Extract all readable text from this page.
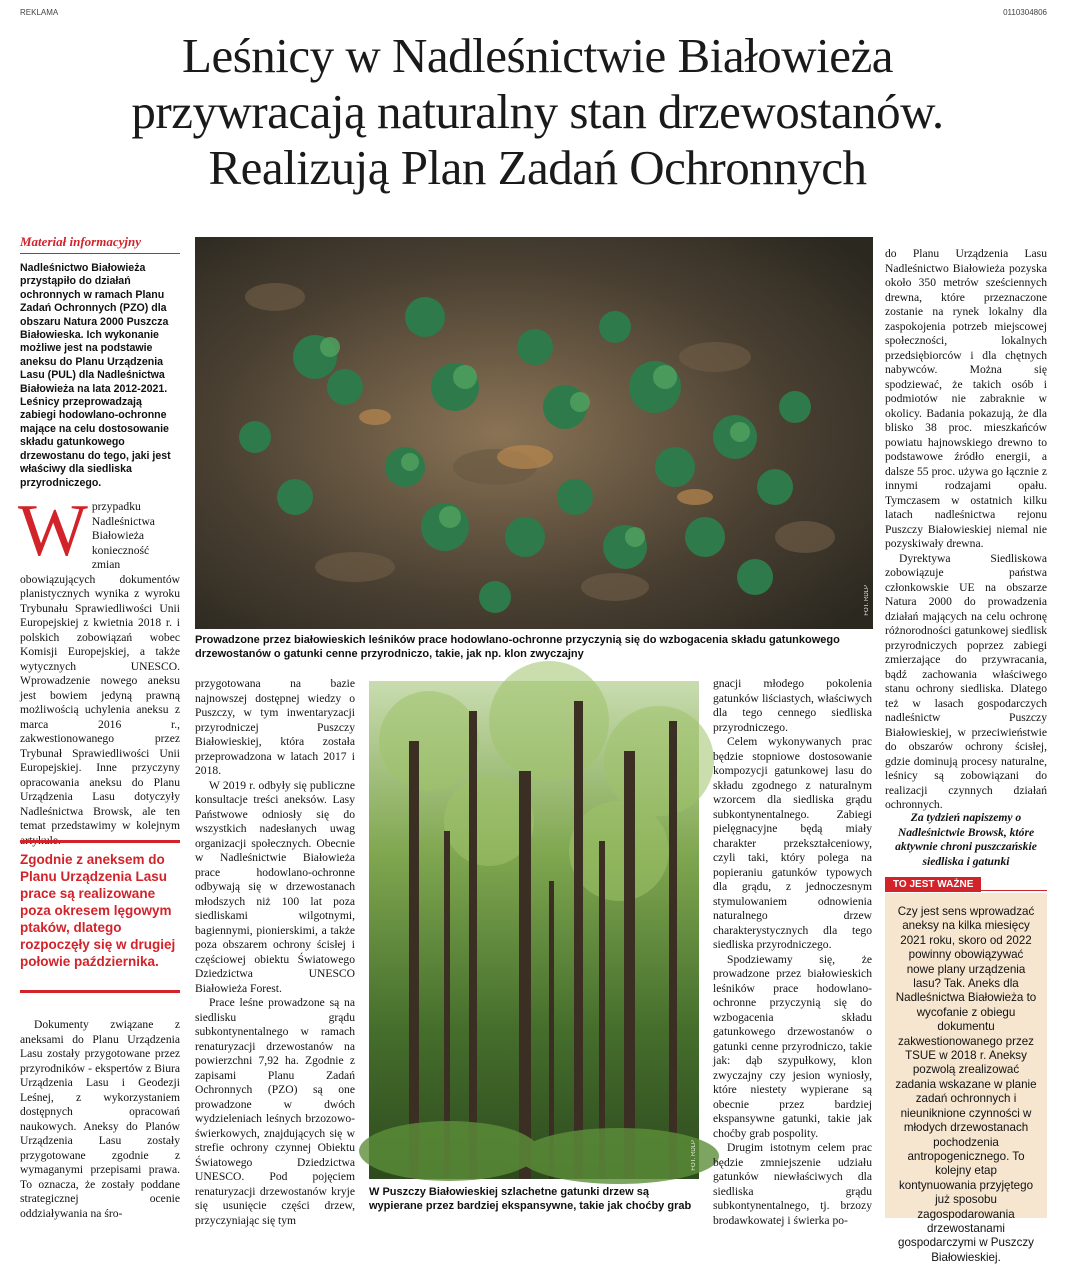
REKLAMA	0110304806
Leśnicy w Nadleśnictwie Białowieża
przywracają naturalny stan drzewostanów.
Realizują Plan Zadań Ochronnych
Materiał informacyjny
Nadleśnictwo Białowieża przystąpiło do działań ochronnych w ramach Planu Zadań Ochronnych (PZO) dla obszaru Natura 2000 Puszcza Białowieska. Ich wykonanie możliwe jest na podstawie aneksu do Planu Urządzenia Lasu (PUL) dla Nadleśnictwa Białowieża na lata 2012-2021. Leśnicy przeprowadzają zabiegi hodowlano-ochronne mające na celu dostosowanie składu gatunkowego drzewostanu do tego, jaki jest właściwy dla siedliska przyrodniczego.
W przypadku Nadleśnictwa Białowieża konieczność zmian obowiązujących dokumentów planistycznych wynika z wyroku Trybunału Sprawiedliwości Unii Europejskiej z kwietnia 2018 r. i polskich zobowiązań wobec Komisji Europejskiej, a także wytycznych UNESCO. Wprowadzenie nowego aneksu jest bowiem jedyną prawną możliwością uchylenia aneksu z marca 2016 r., zakwestionowanego przez Trybunał Sprawiedliwości Unii Europejskiej. Inne przyczyny opracowania aneksu do Planu Urządzenia Lasu dotyczyły Nadleśnictwa Browsk, ale ten temat przedstawimy w kolejnym artykule.

Zgodnie z aneksem do Planu Urządzenia Lasu prace są realizowane poza okresem lęgowym ptaków, dlatego rozpoczęły się w drugiej połowie października.

Dokumenty związane z aneksami do Planu Urządzenia Lasu zostały przygotowane przez przyrodników - ekspertów z Biura Urządzenia Lasu i Geodezji Leśnej, z wykorzystaniem dostępnych opracowań naukowych. Aneksy do Planów Urządzenia Lasu zostały przygotowane zgodnie z wymaganymi przepisami prawa. To oznacza, że zostały poddane strategicznej ocenie oddziaływania na śro-

FOT. RDLP
Prowadzone przez białowieskich leśników prace hodowlano-ochronne przyczynią się do wzbogacenia składu gatunkowego drzewostanów o gatunki cenne przyrodniczo, takie, jak np. klon zwyczajny

przygotowana na bazie najnowszej dostępnej wiedzy o Puszczy, w tym inwentaryzacji przyrodniczej Puszczy Białowieskiej, która została przeprowadzona w latach 2017 i 2018.

W 2019 r. odbyły się publiczne konsultacje treści aneksów. Lasy Państwowe odniosły się do wszystkich nadesłanych uwag organizacji społecznych. Obecnie w Nadleśnictwie Białowieża prace hodowlano-ochronne odbywają się w drzewostanach młodszych niż 100 lat poza siedliskami wilgotnymi, bagiennymi, pionierskimi, a także poza obszarem ochrony ścisłej i częściowej obiektu Światowego Dziedzictwa UNESCO Białowieża Forest.

Prace leśne prowadzone są na siedlisku grądu subkontynentalnego w ramach renaturyzacji drzewostanów na powierzchni 7,92 ha. Zgodnie z zapisami Planu Zadań Ochronnych (PZO) są one prowadzone w dwóch wydzieleniach leśnych brzozowo-świerkowych, znajdujących się w strefie ochrony czynnej Obiektu Światowego Dziedzictwa UNESCO. Pod pojęciem renaturyzacji drzewostanów kryje się usunięcie części drzew, przyczyniając się tym

FOT. RDLP
W Puszczy Białowieskiej szlachetne gatunki drzew są wypierane przez bardziej ekspansywne, takie jak choćby grab

gnacji młodego pokolenia gatunków liściastych, właściwych dla tego cennego siedliska przyrodniczego.

Celem wykonywanych prac będzie stopniowe dostosowanie kompozycji gatunkowej lasu do składu zgodnego z naturalnym wzorcem dla siedliska grądu subkontynentalnego. Zabiegi pielęgnacyjne będą miały charakter przekształceniowy, czyli taki, który polega na popieraniu gatunków typowych dla grądu, z jednoczesnym stymulowaniem odnowienia naturalnego drzew charakterystycznych dla tego siedliska przyrodniczego.

Spodziewamy się, że prowadzone przez białowieskich leśników prace hodowlano-ochronne przyczynią się do wzbogacenia składu gatunkowego drzewostanów o gatunki cenne przyrodniczo, takie jak: dąb szypułkowy, klon zwyczajny czy jesion wyniosły, które niestety wypierane są obecnie przez bardziej ekspansywne gatunki, takie jak choćby grab pospolity.

Drugim istotnym celem prac będzie zmniejszenie udziału gatunków niewłaściwych dla siedliska grądu subkontynentalnego, tj. brzozy brodawkowatej i świerka po-

do Planu Urządzenia Lasu Nadleśnictwo Białowieża pozyska około 350 metrów sześciennych drewna, które przeznaczone zostanie na rynek lokalny dla zaspokojenia potrzeb miejscowej społeczności, lokalnych przedsiębiorców i dla chętnych nabywców. Można się spodziewać, że takich osób i podmiotów nie zabraknie w okolicy. Badania pokazują, że dla blisko 38 proc. mieszkańców powiatu hajnowskiego drewno to podstawowe źródło energii, a dalsze 55 proc. używa go łącznie z innymi rodzajami opału. Tymczasem w ostatnich kilku latach nadleśnictwa rejonu Puszczy Białowieskiej niemal nie pozyskiwały drewna.

Dyrektywa Siedliskowa zobowiązuje państwa członkowskie UE na obszarze Natura 2000 do prowadzenia działań mających na celu ochronę różnorodności gatunkowej siedlisk przyrodniczych poprzez zabiegi zmierzające do przywracania, bądź zachowania właściwego stanu ochrony siedliska. Dlatego też w lasach gospodarczych nadleśnictw Puszczy Białowieskiej, w przeciwieństwie do obszarów ochrony ścisłej, gdzie dominują procesy naturalne, leśnicy są zobowiązani do realizacji czynnych działań ochronnych.

Za tydzień napiszemy o Nadleśnictwie Browsk, które aktywnie chroni puszczańskie siedliska i gatunki
TO JEST WAŻNE
Czy jest sens wprowadzać aneksy na kilka miesięcy 2021 roku, skoro od 2022 powinny obowiązywać nowe plany urządzenia lasu? Tak. Aneks dla Nadleśnictwa Białowieża to wycofanie z obiegu dokumentu zakwestionowanego przez TSUE w 2018 r. Aneksy pozwolą zrealizować zadania wskazane w planie zadań ochronnych i nieuniknione czynności w młodych drzewostanach pochodzenia antropogenicznego. To kolejny etap kontynuowania przyjętego już sposobu zagospodarowania drzewostanami gospodarczymi w Puszczy Białowieskiej.
